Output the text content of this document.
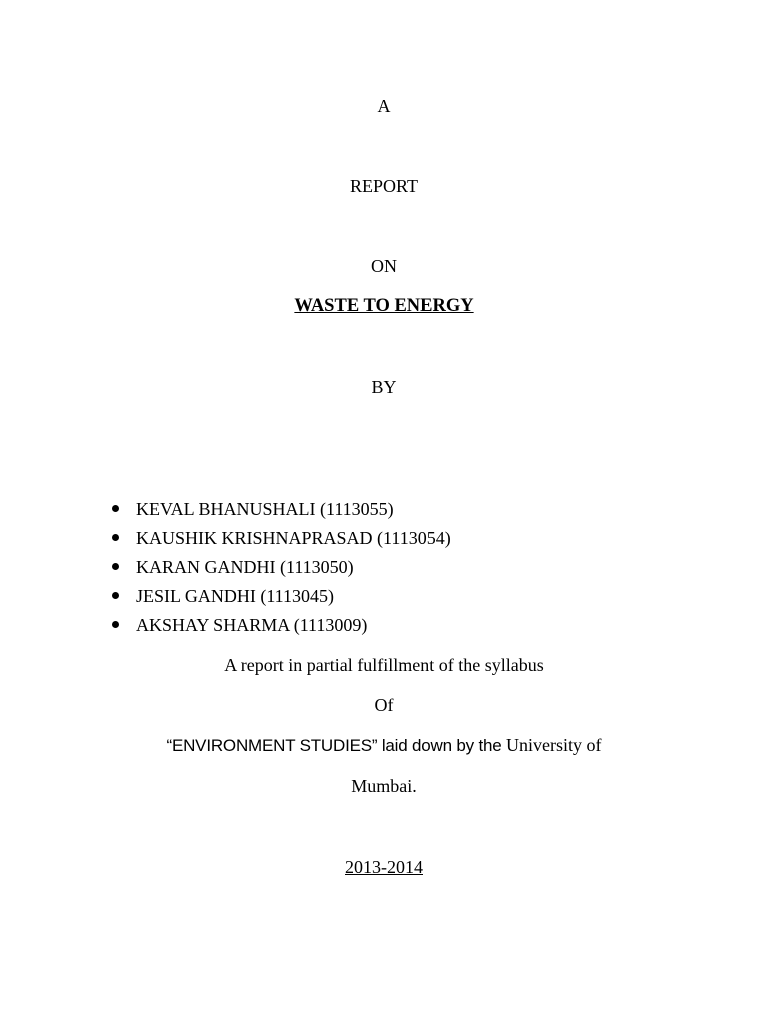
A
REPORT
ON
WASTE TO ENERGY
BY
KEVAL BHANUSHALI (1113055)
KAUSHIK KRISHNAPRASAD (1113054)
KARAN GANDHI (1113050)
JESIL GANDHI (1113045)
AKSHAY SHARMA (1113009)
A report in partial fulfillment of the syllabus
Of
“ENVIRONMENT STUDIES” laid down by the University of
Mumbai.
2013-2014
